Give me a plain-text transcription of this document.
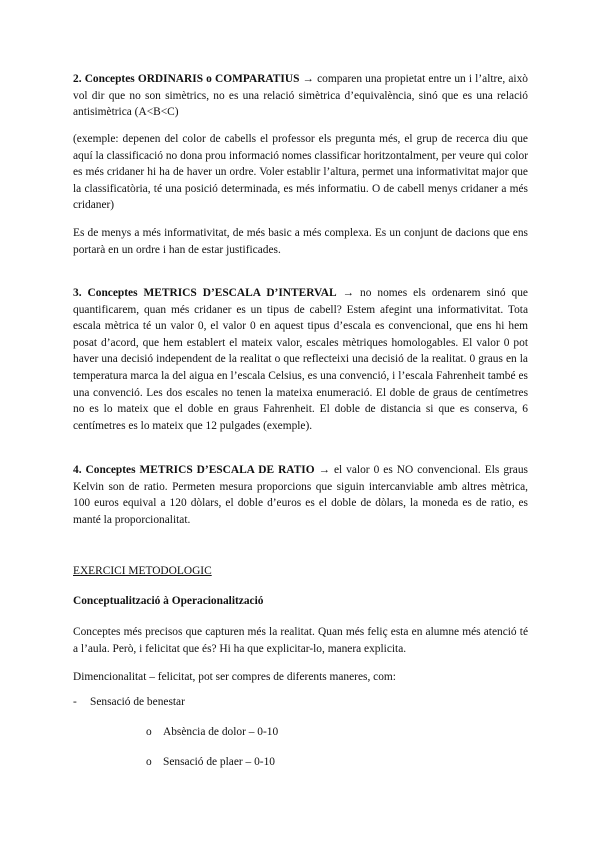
2. Conceptes ORDINARIS o COMPARATIUS → comparen una propietat entre un i l’altre, això vol dir que no son simètrics, no es una relació simètrica d’equivalència, sinó que es una relació antisimètrica (A<B<C)

(exemple: depenen del color de cabells el professor els pregunta més, el grup de recerca diu que aquí la classificació no dona prou informació nomes classificar horitzontalment, per veure qui color es més cridaner hi ha de haver un ordre. Voler establir l’altura, permet una informativitat major que la classificatòria, té una posició determinada, es més informatiu. O de cabell menys cridaner a més cridaner)

Es de menys a més informativitat, de més basic a més complexa. Es un conjunt de dacions que ens portarà en un ordre i han de estar justificades.

3. Conceptes METRICS D’ESCALA D’INTERVAL → no nomes els ordenarem sinó que quantificarem, quan més cridaner es un tipus de cabell? Estem afegint una informativitat. Tota escala mètrica té un valor 0, el valor 0 en aquest tipus d’escala es convencional, que ens hi hem posat d’acord, que hem establert el mateix valor, escales mètriques homologables. El valor 0 pot haver una decisió independent de la realitat o que reflecteixi una decisió de la realitat. 0 graus en la temperatura marca la del aigua en l’escala Celsius, es una convenció, i l’escala Fahrenheit també es una convenció. Les dos escales no tenen la mateixa enumeració. El doble de graus de centímetres no es lo mateix que el doble en graus Fahrenheit. El doble de distancia si que es conserva, 6 centímetres es lo mateix que 12 pulgades (exemple).

4. Conceptes METRICS D’ESCALA DE RATIO → el valor 0 es NO convencional. Els graus Kelvin son de ratio. Permeten mesura proporcions que siguin intercanviable amb altres mètrica, 100 euros equival a 120 dòlars, el doble d’euros es el doble de dòlars, la moneda es de ratio, es manté la proporcionalitat.

EXERCICI METODOLOGIC

Conceptualització à Operacionalització

Conceptes més precisos que capturen més la realitat. Quan més feliç esta en alumne més atenció té a l’aula. Però, i felicitat que és? Hi ha que explicitar-lo, manera explicita.

Dimencionalitat – felicitat, pot ser compres de diferents maneres, com:

- Sensació de benestar
o Absència de dolor – 0-10
o Sensació de plaer – 0-10
